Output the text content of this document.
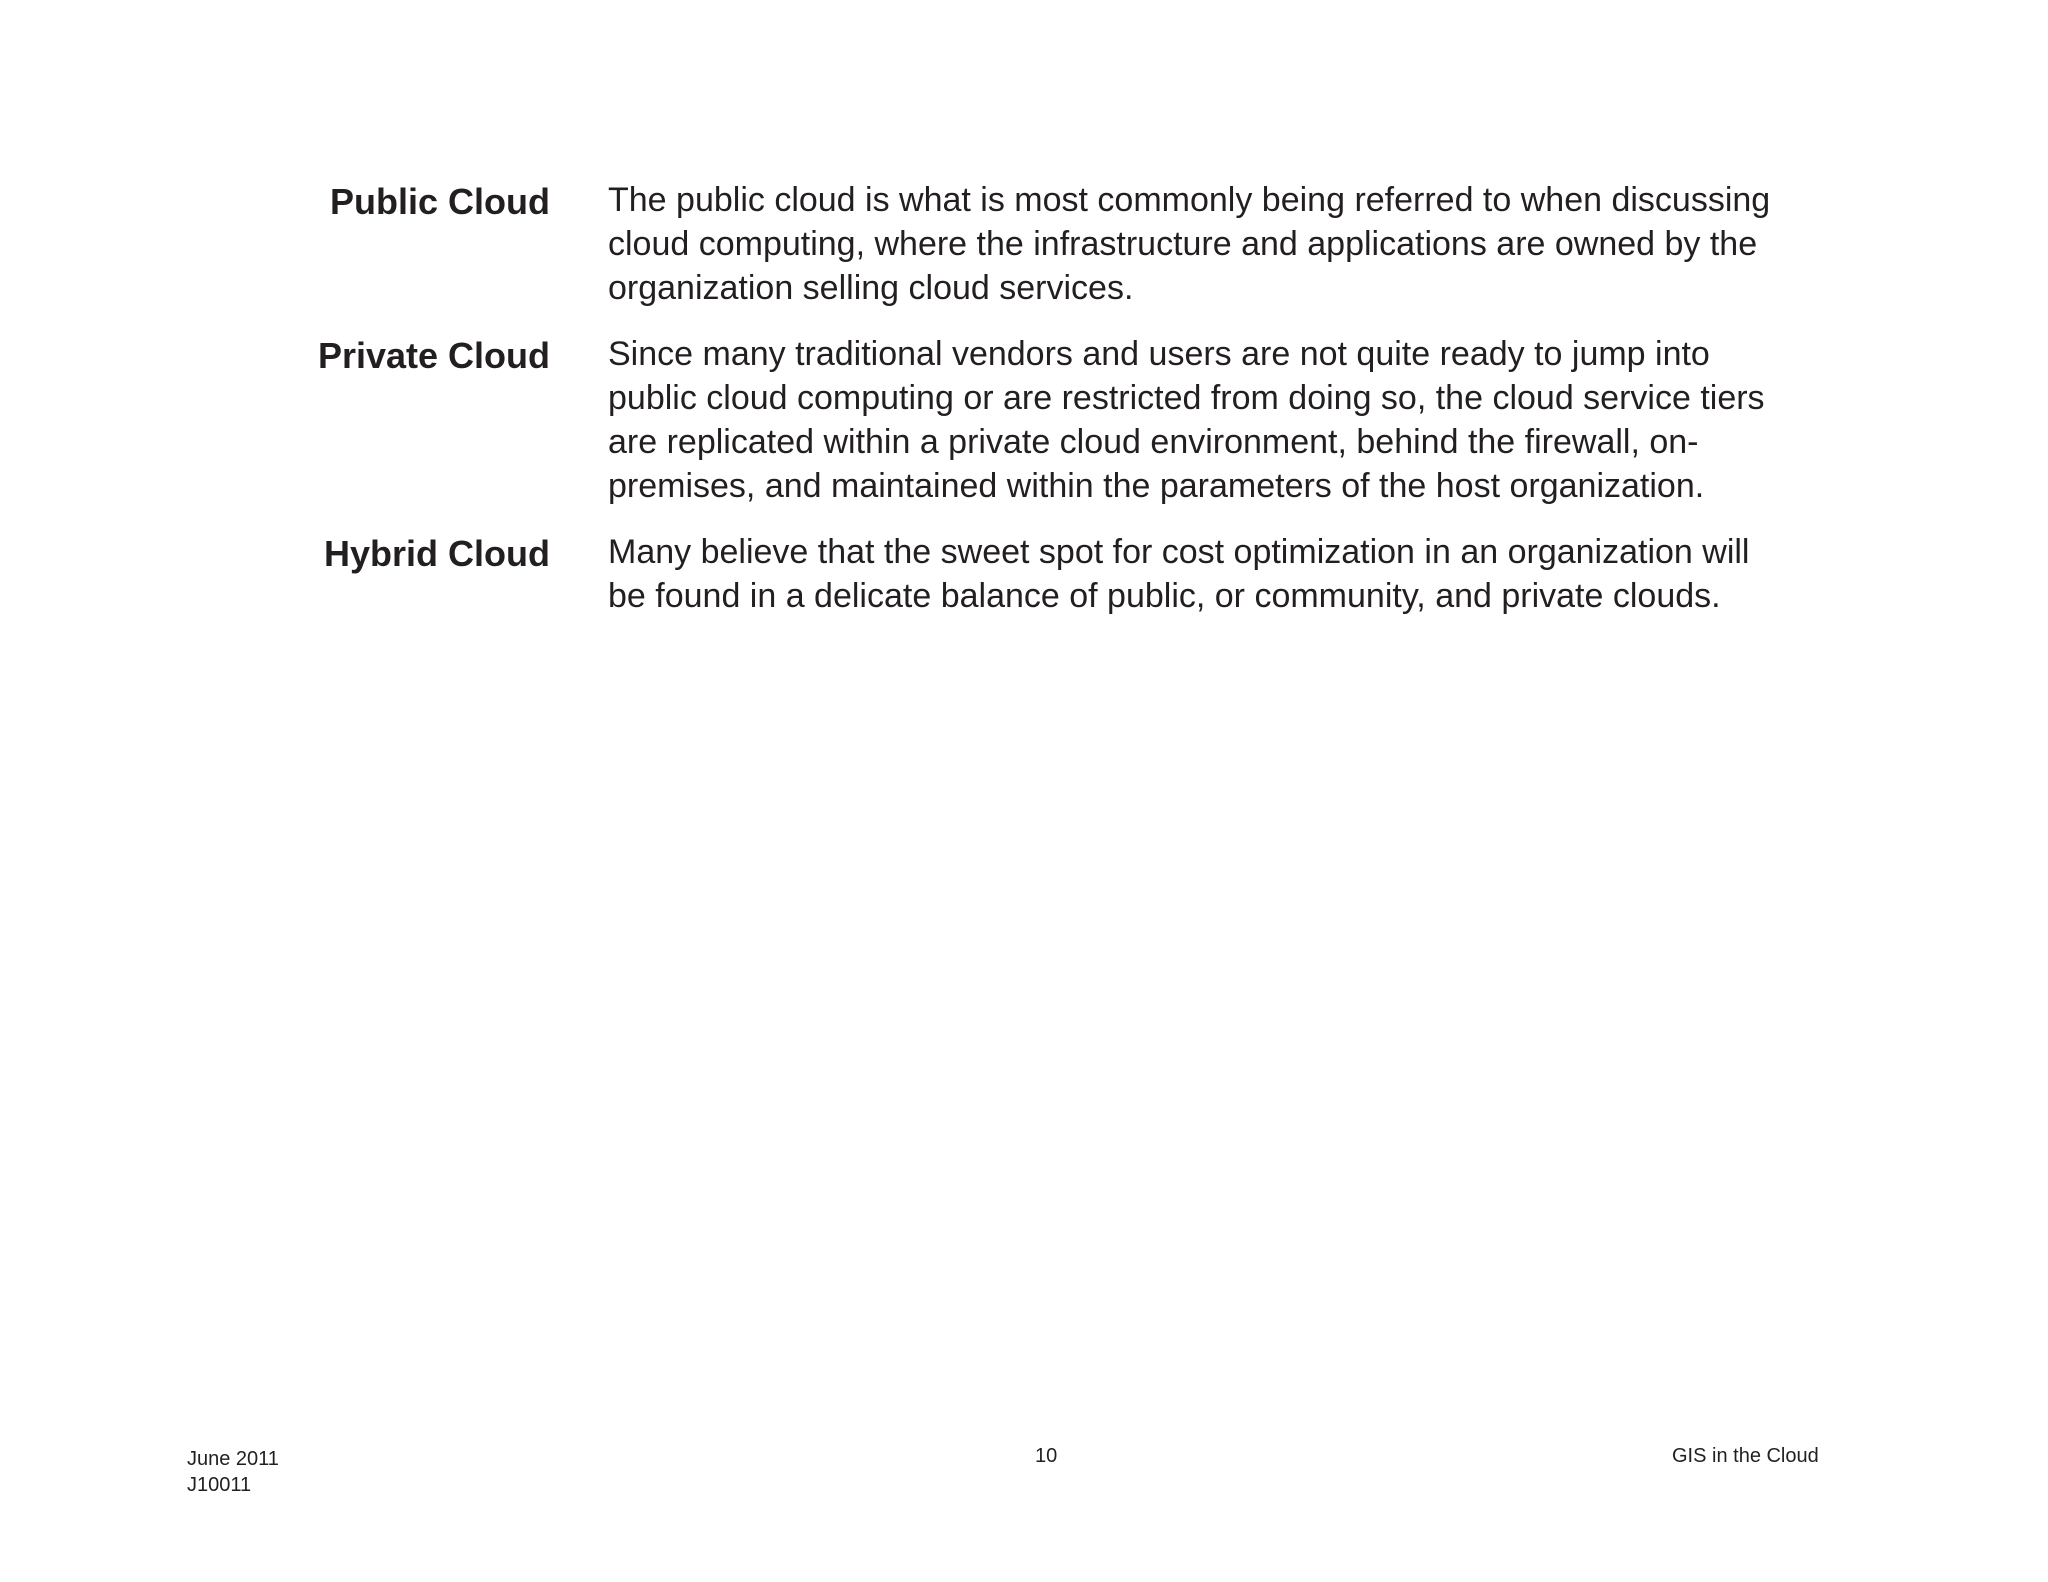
Public Cloud The public cloud is what is most commonly being referred to when discussing cloud computing, where the infrastructure and applications are owned by the organization selling cloud services.
Private Cloud Since many traditional vendors and users are not quite ready to jump into public cloud computing or are restricted from doing so, the cloud service tiers are replicated within a private cloud environment, behind the firewall, on-premises, and maintained within the parameters of the host organization.
Hybrid Cloud Many believe that the sweet spot for cost optimization in an organization will be found in a delicate balance of public, or community, and private clouds.
June 2011
J10011
10	GIS in the Cloud
